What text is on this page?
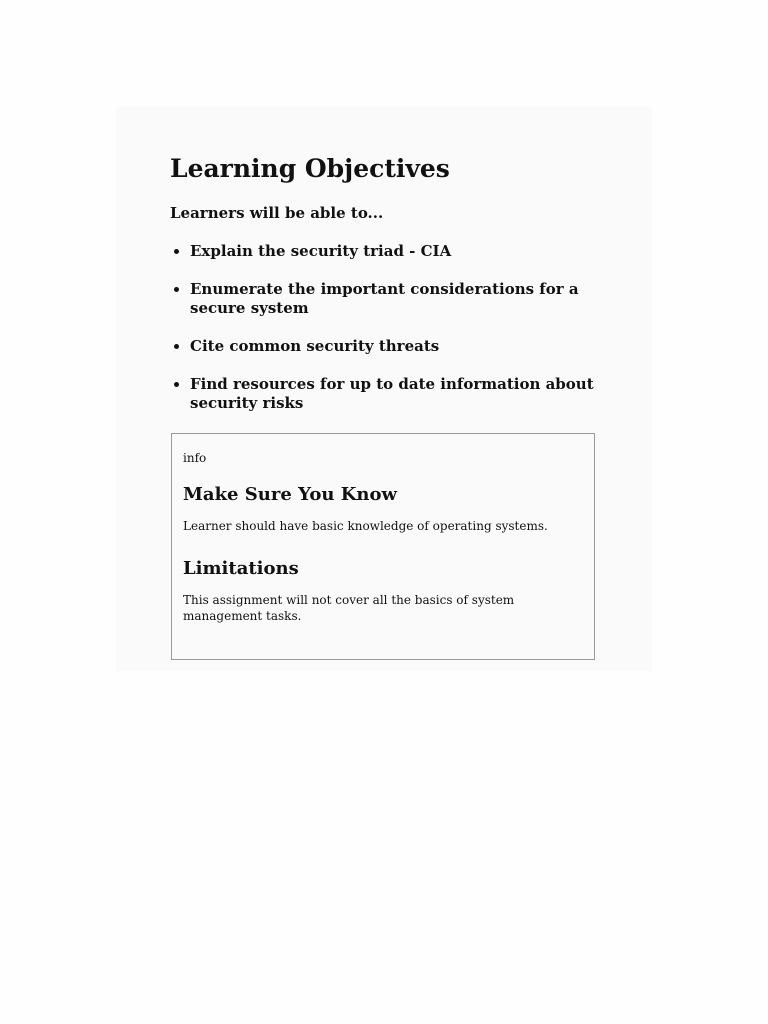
Learning Objectives

Learners will be able to...

Explain the security triad - CIA
Enumerate the important considerations for a secure system
Cite common security threats
Find resources for up to date information about security risks
info
Make Sure You Know

Learner should have basic knowledge of operating systems.

Limitations

This assignment will not cover all the basics of system management tasks.
